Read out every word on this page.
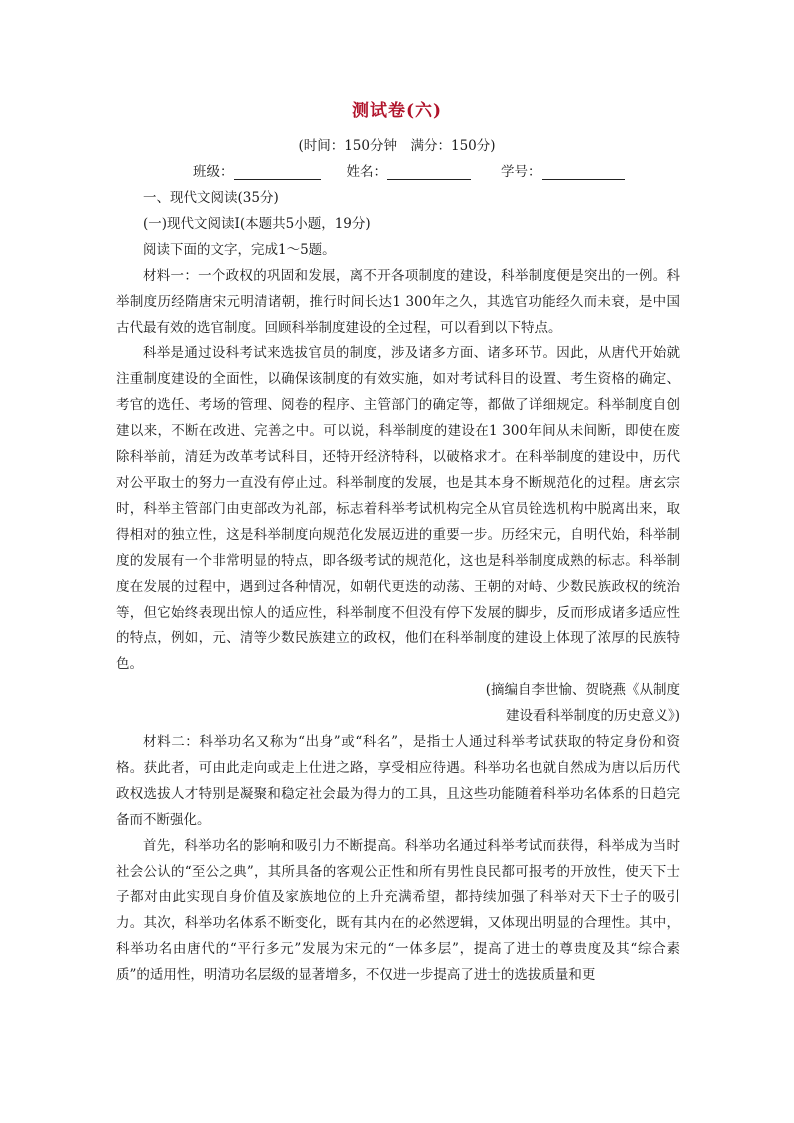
测试卷(六)
(时间：150分钟　满分：150分)
班级：	姓名：	学号：

一、现代文阅读(35分)

(一)现代文阅读Ⅰ(本题共5小题，19分)

阅读下面的文字，完成1～5题。

材料一：一个政权的巩固和发展，离不开各项制度的建设，科举制度便是突出的一例。科举制度历经隋唐宋元明清诸朝，推行时间长达1 300年之久，其选官功能经久而未衰，是中国古代最有效的选官制度。回顾科举制度建设的全过程，可以看到以下特点。

科举是通过设科考试来选拔官员的制度，涉及诸多方面、诸多环节。因此，从唐代开始就注重制度建设的全面性，以确保该制度的有效实施，如对考试科目的设置、考生资格的确定、考官的选任、考场的管理、阅卷的程序、主管部门的确定等，都做了详细规定。科举制度自创建以来，不断在改进、完善之中。可以说，科举制度的建设在1 300年间从未间断，即使在废除科举前，清廷为改革考试科目，还特开经济特科，以破格求才。在科举制度的建设中，历代对公平取士的努力一直没有停止过。科举制度的发展，也是其本身不断规范化的过程。唐玄宗时，科举主管部门由吏部改为礼部，标志着科举考试机构完全从官员铨选机构中脱离出来，取得相对的独立性，这是科举制度向规范化发展迈进的重要一步。历经宋元，自明代始，科举制度的发展有一个非常明显的特点，即各级考试的规范化，这也是科举制度成熟的标志。科举制度在发展的过程中，遇到过各种情况，如朝代更迭的动荡、王朝的对峙、少数民族政权的统治等，但它始终表现出惊人的适应性，科举制度不但没有停下发展的脚步，反而形成诸多适应性的特点，例如，元、清等少数民族建立的政权，他们在科举制度的建设上体现了浓厚的民族特色。

(摘编自李世愉、贺晓燕《从制度

建设看科举制度的历史意义》)

材料二：科举功名又称为“出身”或“科名”，是指士人通过科举考试获取的特定身份和资格。获此者，可由此走向或走上仕进之路，享受相应待遇。科举功名也就自然成为唐以后历代政权选拔人才特别是凝聚和稳定社会最为得力的工具，且这些功能随着科举功名体系的日趋完备而不断强化。

首先，科举功名的影响和吸引力不断提高。科举功名通过科举考试而获得，科举成为当时社会公认的“至公之典”，其所具备的客观公正性和所有男性良民都可报考的开放性，使天下士子都对由此实现自身价值及家族地位的上升充满希望，都持续加强了科举对天下士子的吸引力。其次，科举功名体系不断变化，既有其内在的必然逻辑，又体现出明显的合理性。其中，科举功名由唐代的“平行多元”发展为宋元的“一体多层”，提高了进士的尊贵度及其“综合素质”的适用性，明清功名层级的显著增多，不仅进一步提高了进士的选拔质量和更
